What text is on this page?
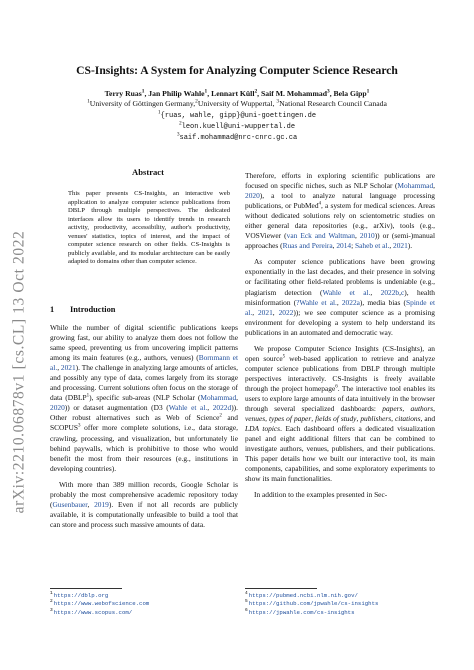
arXiv:2210.06878v1 [cs.CL] 13 Oct 2022
CS-Insights: A System for Analyzing Computer Science Research
Terry Ruas$^1$, Jan Philip Wahle$^1$, Lennart Küll$^2$, Saif M. Mohammad$^3$, Bela Gipp$^1$
$^1$University of Göttingen Germany,$^2$University of Wuppertal, $^3$National Research Council Canada
$^1${ruas, wahle, gipp}@uni-goettingen.de
$^2$leon.kuell@uni-wuppertal.de
$^3$saif.mohammad@nrc-cnrc.gc.ca
Abstract
This paper presents CS-Insights, an interactive web application to analyze computer science publications from DBLP through multiple perspectives. The dedicated interfaces allow its users to identify trends in research activity, productivity, accessibility, author's productivity, venues' statistics, topics of interest, and the impact of computer science research on other fields. CS-Insights is publicly available, and its modular architecture can be easily adapted to domains other than computer science.
1 Introduction

While the number of digital scientific publications keeps growing fast, our ability to analyze them does not follow the same speed, preventing us from uncovering implicit patterns among its main features (e.g., authors, venues) (Bornmann et al., 2021). The challenge in analyzing large amounts of articles, and possibly any type of data, comes largely from its storage and processing. Current solutions often focus on the storage of data (DBLP$^1$), specific sub-areas (NLP Scholar (Mohammad, 2020)) or dataset augmentation (D3 (Wahle et al., 2022d)). Other robust alternatives such as Web of Science$^2$ and SCOPUS$^3$ offer more complete solutions, i.e., data storage, crawling, processing, and visualization, but unfortunately lie behind paywalls, which is prohibitive to those who would benefit the most from their resources (e.g., institutions in developing countries).

With more than 389 million records, Google Scholar is probably the most comprehensive academic repository today (Gusenbauer, 2019). Even if not all records are publicly available, it is computationally unfeasible to build a tool that can store and process such massive amounts of data.

Therefore, efforts in exploring scientific publications are focused on specific niches, such as NLP Scholar (Mohammad, 2020), a tool to analyze natural language processing publications, or PubMed$^4$, a system for medical sciences. Areas without dedicated solutions rely on scientometric studies on either general data repositories (e.g., arXiv), tools (e.g., VOSViewer (van Eck and Waltman, 2010)) or (semi-)manual approaches (Ruas and Pereira, 2014; Saheb et al., 2021).

As computer science publications have been growing exponentially in the last decades, and their presence in solving or facilitating other field-related problems is undeniable (e.g., plagiarism detection (Wahle et al., 2022b,c), health misinformation (?Wahle et al., 2022a), media bias (Spinde et al., 2021, 2022)); we see computer science as a promising environment for developing a system to help understand its publications in an automated and democratic way.

We propose Computer Science Insights (CS-Insights), an open source$^5$ web-based application to retrieve and analyze computer science publications from DBLP through multiple perspectives interactively. CS-Insights is freely available through the project homepage$^6$. The interactive tool enables its users to explore large amounts of data intuitively in the browser through several specialized dashboards: papers, authors, venues, types of paper, fields of study, publishers, citations, and LDA topics. Each dashboard offers a dedicated visualization panel and eight additional filters that can be combined to investigate authors, venues, publishers, and their publications. This paper details how we built our interactive tool, its main components, capabilities, and some exploratory experiments to show its main functionalities.

In addition to the examples presented in Sec-

$^1$https://dblp.org
$^2$https://www.webofscience.com
$^3$https://www.scopus.com/
$^4$https://pubmed.ncbi.nlm.nih.gov/
$^5$https://github.com/jpwahle/cs-insights
$^6$https://jpwahle.com/cs-insights
